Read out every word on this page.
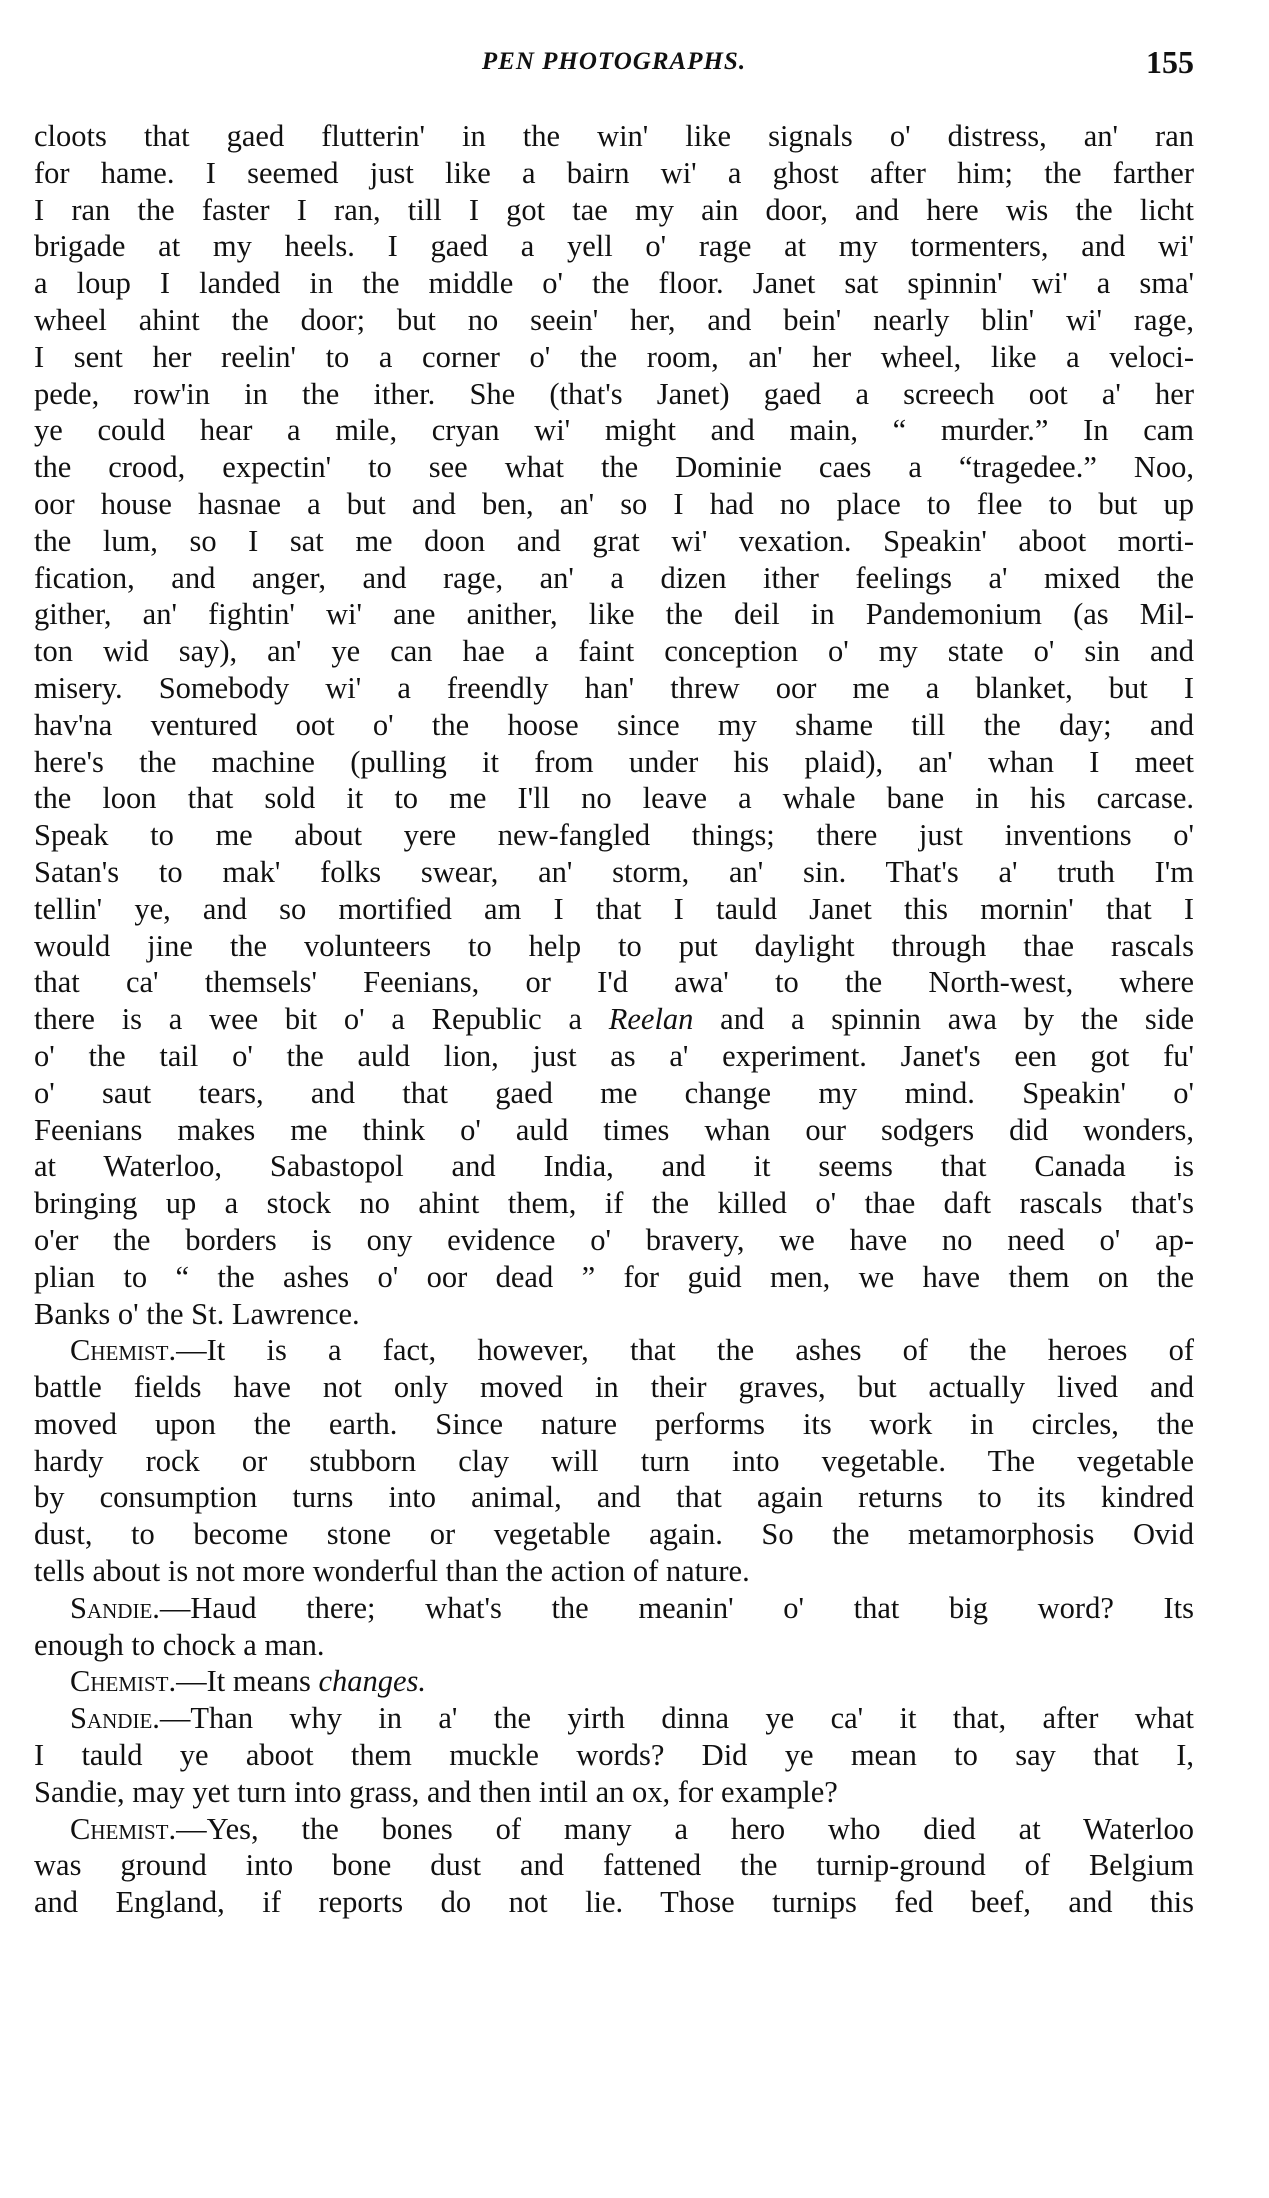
PEN PHOTOGRAPHS.	155
cloots that gaed flutterin' in the win' like signals o' distress, an' ran
for hame. I seemed just like a bairn wi' a ghost after him; the farther
I ran the faster I ran, till I got tae my ain door, and here wis the licht
brigade at my heels. I gaed a yell o' rage at my tormenters, and wi'
a loup I landed in the middle o' the floor. Janet sat spinnin' wi' a sma'
wheel ahint the door; but no seein' her, and bein' nearly blin' wi' rage,
I sent her reelin' to a corner o' the room, an' her wheel, like a veloci-
pede, row'in in the ither. She (that's Janet) gaed a screech oot a' her
ye could hear a mile, cryan wi' might and main, “ murder.” In cam
the crood, expectin' to see what the Dominie caes a “tragedee.” Noo,
oor house hasnae a but and ben, an' so I had no place to flee to but up
the lum, so I sat me doon and grat wi' vexation. Speakin' aboot morti-
fication, and anger, and rage, an' a dizen ither feelings a' mixed the
gither, an' fightin' wi' ane anither, like the deil in Pandemonium (as Mil-
ton wid say), an' ye can hae a faint conception o' my state o' sin and
misery. Somebody wi' a freendly han' threw oor me a blanket, but I
hav'na ventured oot o' the hoose since my shame till the day; and
here's the machine (pulling it from under his plaid), an' whan I meet
the loon that sold it to me I'll no leave a whale bane in his carcase.
Speak to me about yere new-fangled things; there just inventions o'
Satan's to mak' folks swear, an' storm, an' sin. That's a' truth I'm
tellin' ye, and so mortified am I that I tauld Janet this mornin' that I
would jine the volunteers to help to put daylight through thae rascals
that ca' themsels' Feenians, or I'd awa' to the North-west, where
there is a wee bit o' a Republic a Reelan and a spinnin awa by the side
o' the tail o' the auld lion, just as a' experiment. Janet's een got fu'
o' saut tears, and that gaed me change my mind. Speakin' o'
Feenians makes me think o' auld times whan our sodgers did wonders,
at Waterloo, Sabastopol and India, and it seems that Canada is
bringing up a stock no ahint them, if the killed o' thae daft rascals that's
o'er the borders is ony evidence o' bravery, we have no need o' ap-
plian to “ the ashes o' oor dead ” for guid men, we have them on the
Banks o' the St. Lawrence.
Chemist.—It is a fact, however, that the ashes of the heroes of
battle fields have not only moved in their graves, but actually lived and
moved upon the earth. Since nature performs its work in circles, the
hardy rock or stubborn clay will turn into vegetable. The vegetable
by consumption turns into animal, and that again returns to its kindred
dust, to become stone or vegetable again. So the metamorphosis Ovid
tells about is not more wonderful than the action of nature.
Sandie.—Haud there; what's the meanin' o' that big word? Its
enough to chock a man.
Chemist.—It means changes.
Sandie.—Than why in a' the yirth dinna ye ca' it that, after what
I tauld ye aboot them muckle words? Did ye mean to say that I,
Sandie, may yet turn into grass, and then intil an ox, for example?
Chemist.—Yes, the bones of many a hero who died at Waterloo
was ground into bone dust and fattened the turnip-ground of Belgium
and England, if reports do not lie. Those turnips fed beef, and this
